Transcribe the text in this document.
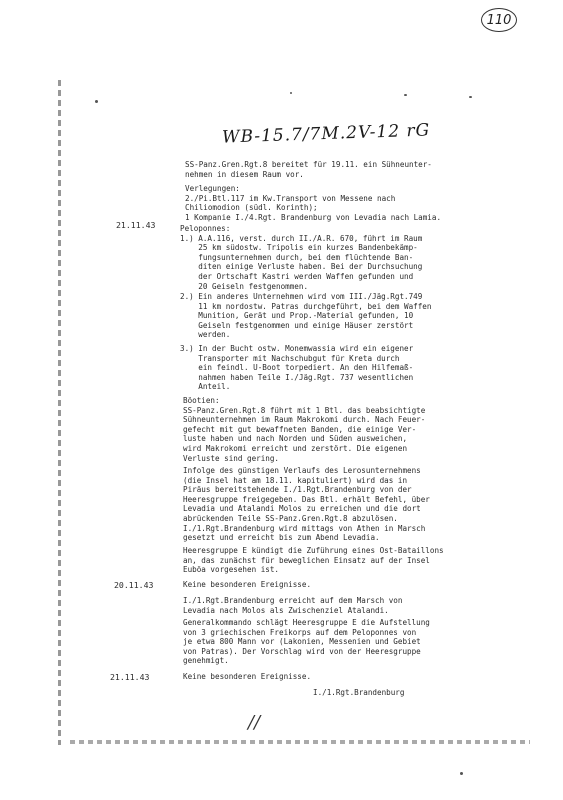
110
WB-15.7/7M.2V-12 rG
SS-Panz.Gren.Rgt.8 bereitet für 19.11. ein Sühneunter-
nehmen in diesem Raum vor.
Verlegungen:
2./Pi.Btl.117 im Kw.Transport von Messene nach
Chiliomodion (südl. Korinth);
1 Kompanie I./4.Rgt. Brandenburg von Levadia nach Lamia.
21.11.43	Peloponnes:
1.) A.A.116, verst. durch II./A.R. 670, führt im Raum
25 km südostw. Tripolis ein kurzes Bandenbekämp-
fungsunternehmen durch, bei dem flüchtende Ban-
diten einige Verluste haben. Bei der Durchsuchung
der Ortschaft Kastri werden Waffen gefunden und
20 Geiseln festgenommen.
2.) Ein anderes Unternehmen wird vom III./Jäg.Rgt.749
11 km nordostw. Patras durchgeführt, bei dem Waffen
Munition, Gerät und Prop.-Material gefunden, 10
Geiseln festgenommen und einige Häuser zerstört
werden.
3.) In der Bucht ostw. Monemwassia wird ein eigener
Transporter mit Nachschubgut für Kreta durch
ein feindl. U-Boot torpediert. An den Hilfemaß-
nahmen haben Teile I./Jäg.Rgt. 737 wesentlichen
Anteil.
Böotien:
SS-Panz.Gren.Rgt.8 führt mit 1 Btl. das beabsichtigte
Sühneunternehmen im Raum Makrokomi durch. Nach Feuer-
gefecht mit gut bewaffneten Banden, die einige Ver-
luste haben und nach Norden und Süden ausweichen,
wird Makrokomi erreicht und zerstört. Die eigenen
Verluste sind gering.
Infolge des günstigen Verlaufs des Lerosunternehmens
(die Insel hat am 18.11. kapituliert) wird das in
Piräus bereitstehende I./1.Rgt.Brandenburg von der
Heeresgruppe freigegeben. Das Btl. erhält Befehl, über
Levadia und Atalandi Molos zu erreichen und die dort
abrückenden Teile SS-Panz.Gren.Rgt.8 abzulösen.
I./1.Rgt.Brandenburg wird mittags von Athen in Marsch
gesetzt und erreicht bis zum Abend Levadia.
Heeresgruppe E kündigt die Zuführung eines Ost-Bataillons
an, das zunächst für beweglichen Einsatz auf der Insel
Euböa vorgesehen ist.
20.11.43	Keine besonderen Ereignisse.
I./1.Rgt.Brandenburg erreicht auf dem Marsch von
Levadia nach Molos als Zwischenziel Atalandi.
Generalkommando schlägt Heeresgruppe E die Aufstellung
von 3 griechischen Freikorps auf dem Peloponnes von
je etwa 800 Mann vor (Lakonien, Messenien und Gebiet
von Patras). Der Vorschlag wird von der Heeresgruppe
genehmigt.
21.11.43	Keine besonderen Ereignisse.
I./1.Rgt.Brandenburg
//
